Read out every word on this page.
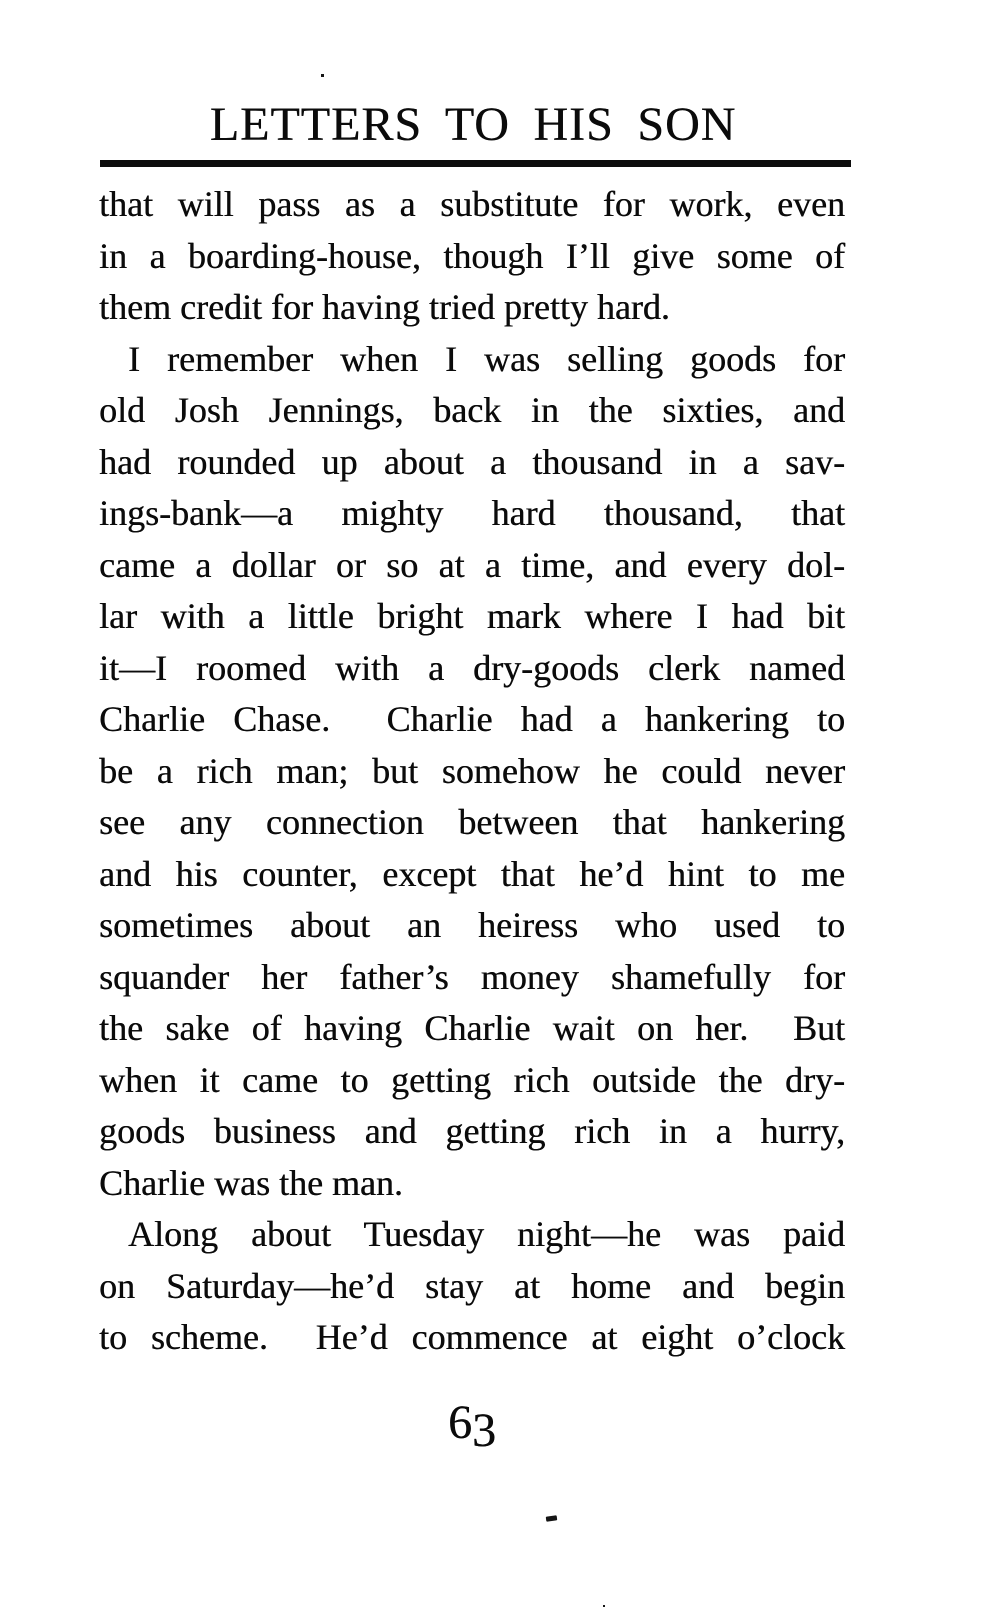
LETTERS TO HIS SON
that will pass as a substitute for work, even
in a boarding-house, though I’ll give some of
them credit for having tried pretty hard.
I remember when I was selling goods for
old Josh Jennings, back in the sixties, and
had rounded up about a thousand in a sav-
ings-bank—a mighty hard thousand, that
came a dollar or so at a time, and every dol-
lar with a little bright mark where I had bit
it—I roomed with a dry-goods clerk named
Charlie Chase.  Charlie had a hankering to
be a rich man; but somehow he could never
see any connection between that hankering
and his counter, except that he’d hint to me
sometimes about an heiress who used to
squander her father’s money shamefully for
the sake of having Charlie wait on her.  But
when it came to getting rich outside the dry-
goods business and getting rich in a hurry,
Charlie was the man.
Along about Tuesday night—he was paid
on Saturday—he’d stay at home and begin
to scheme.  He’d commence at eight o’clock
63
